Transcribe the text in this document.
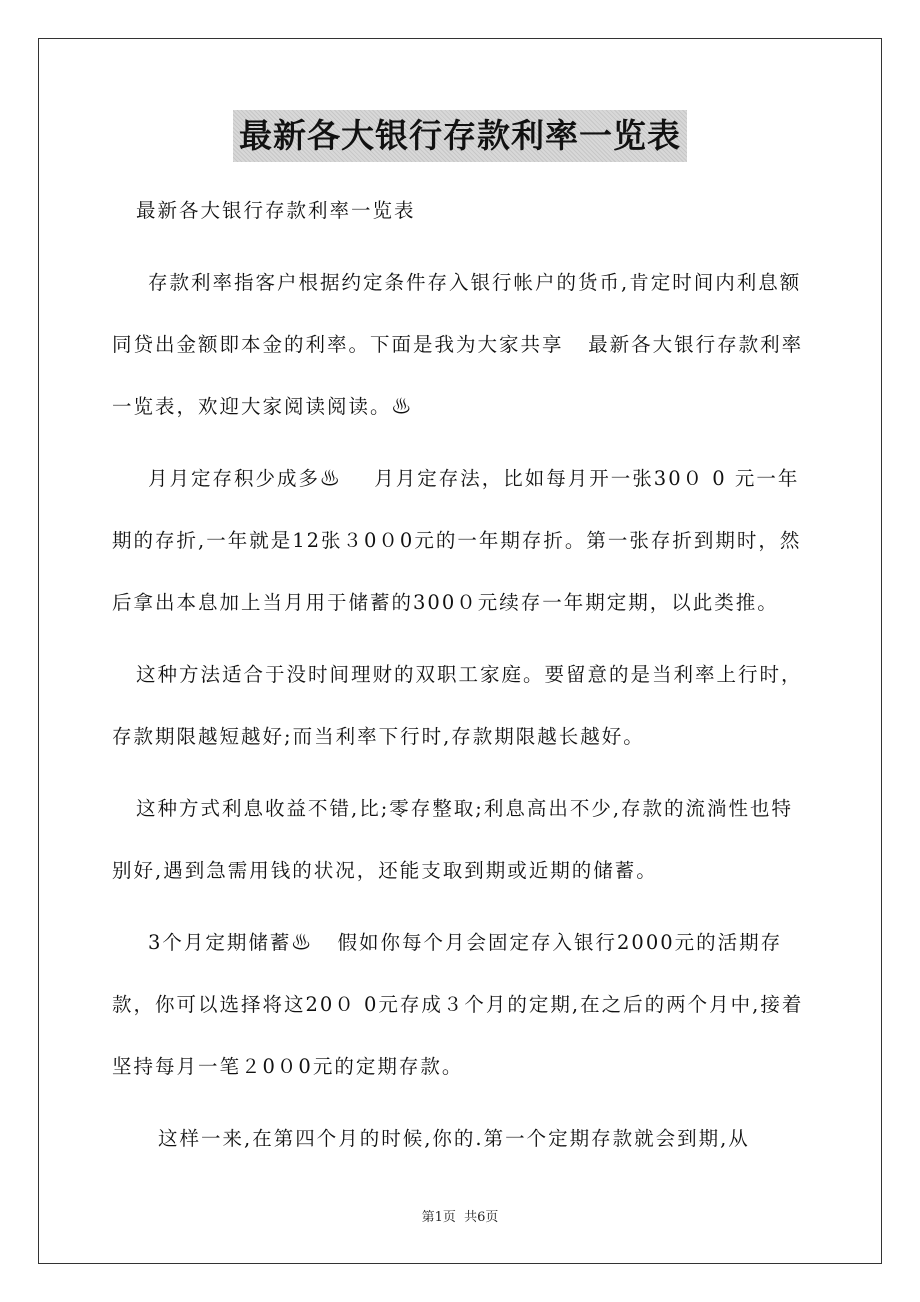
最新各大银行存款利率一览表

最新各大银行存款利率一览表

存款利率指客户根据约定条件存入银行帐户的货币,肯定时间内利息额同贷出金额即本金的利率。下面是我为大家共享   最新各大银行存款利率一览表，欢迎大家阅读阅读。♨

月月定存积少成多♨    月月定存法，比如每月开一张30０ 0 元一年期的存折,一年就是12张３0０0元的一年期存折。第一张存折到期时，然后拿出本息加上当月用于储蓄的300０元续存一年期定期，以此类推。

这种方法适合于没时间理财的双职工家庭。要留意的是当利率上行时，存款期限越短越好;而当利率下行时,存款期限越长越好。

这种方式利息收益不错,比;零存整取;利息高出不少,存款的流淌性也特别好,遇到急需用钱的状况，还能支取到期或近期的储蓄。

3个月定期储蓄♨   假如你每个月会固定存入银行2000元的活期存款，你可以选择将这20０ 0元存成３个月的定期,在之后的两个月中,接着坚持每月一笔２0０0元的定期存款。

这样一来,在第四个月的时候,你的.第一个定期存款就会到期,从

第1页 共6页
